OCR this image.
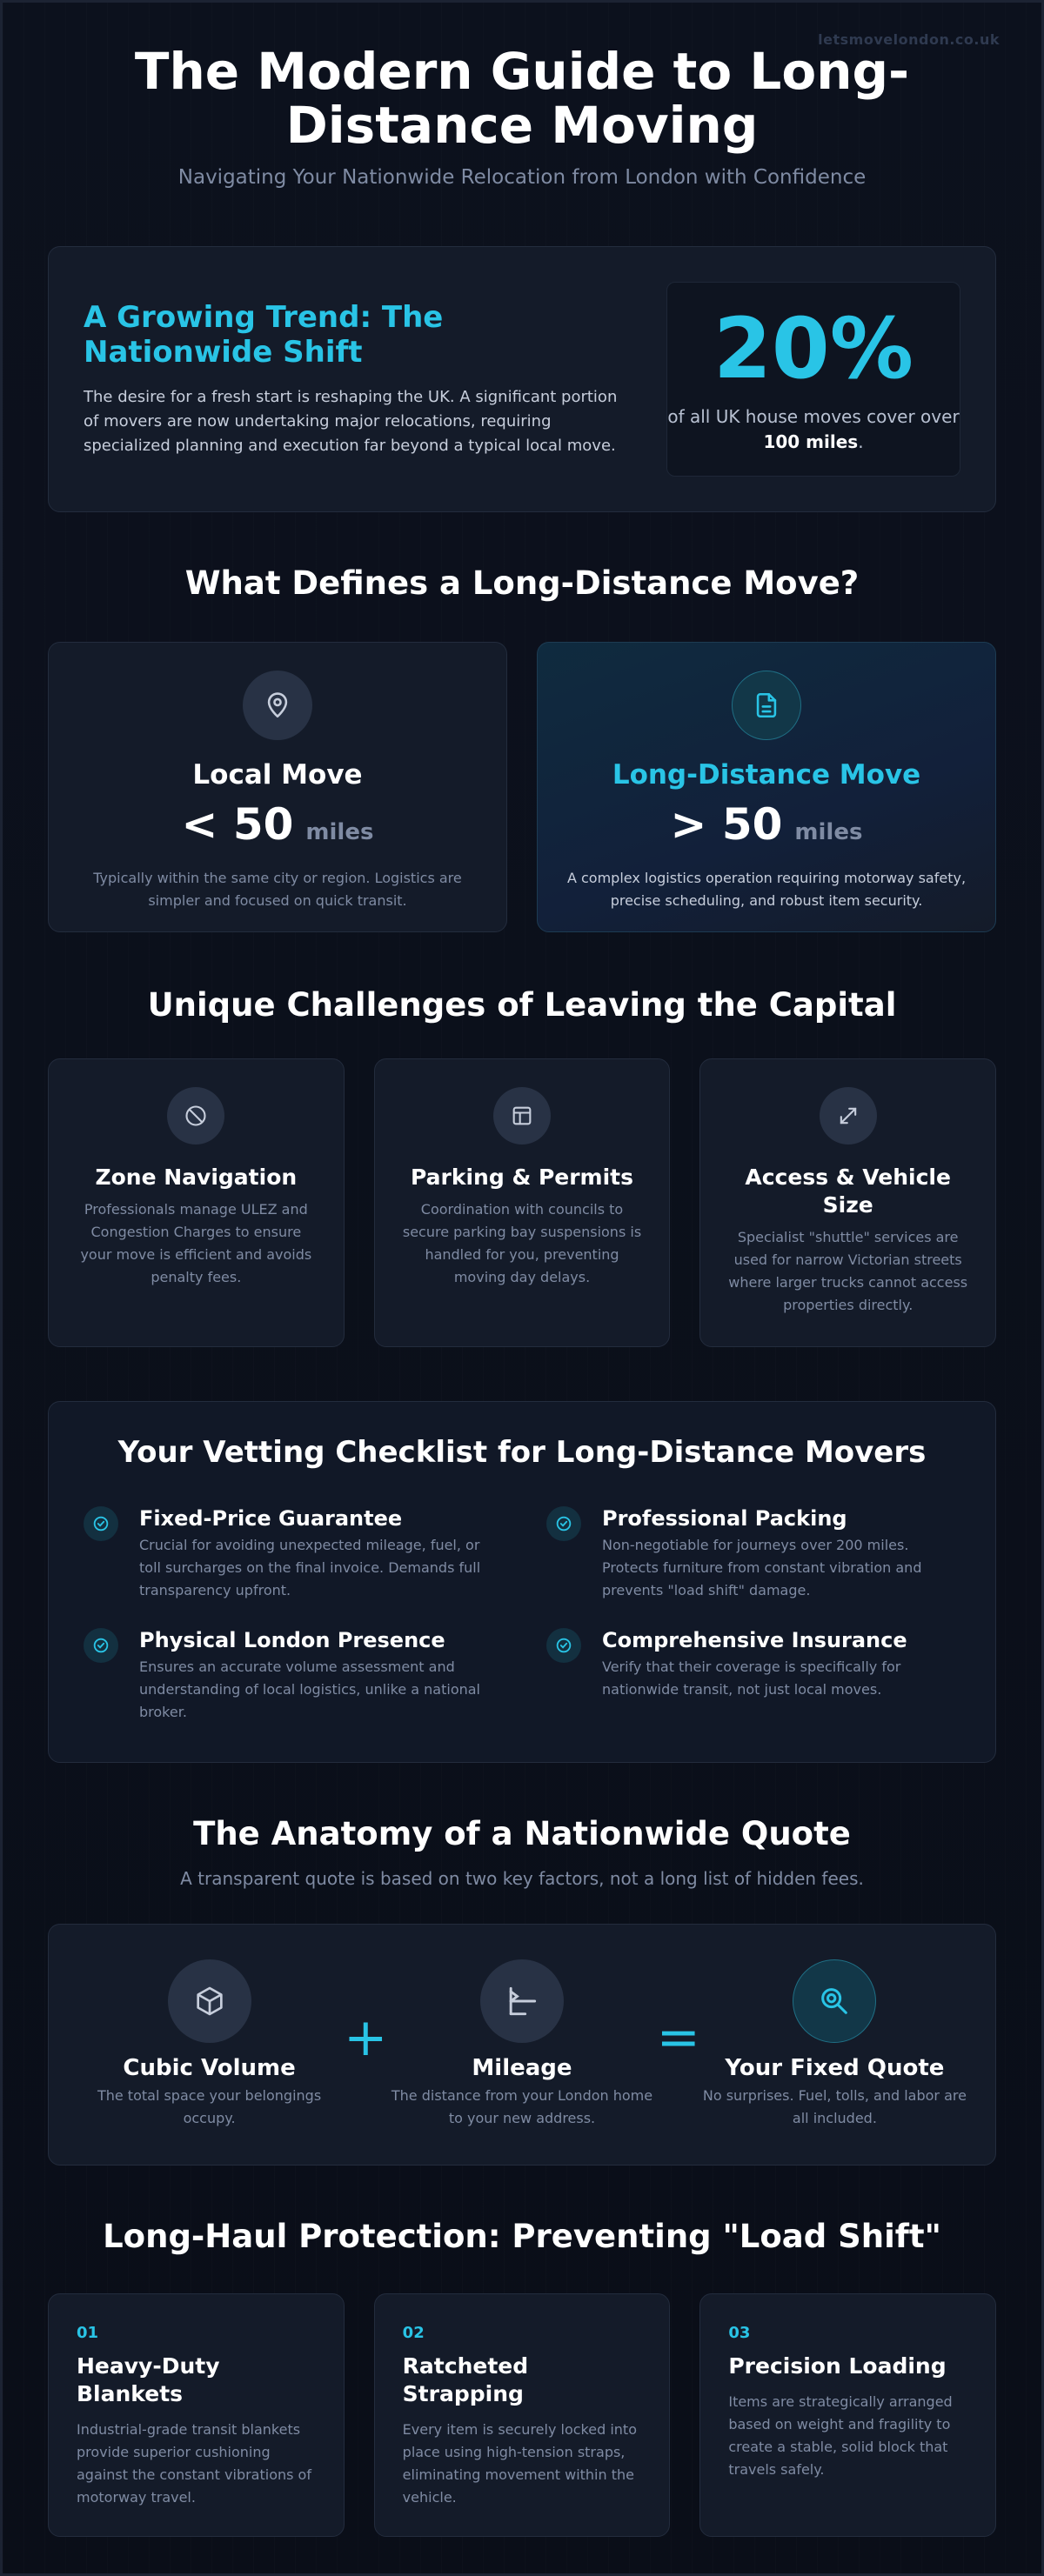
letsmovelondon.co.uk
The Modern Guide to Long-Distance Moving
Navigating Your Nationwide Relocation from London with Confidence
A Growing Trend: The Nationwide Shift

The desire for a fresh start is reshaping the UK. A significant portion of movers are now undertaking major relocations, requiring specialized planning and execution far beyond a typical local move.

20%
of all UK house moves cover over 100 miles.
What Defines a Long-Distance Move?
Local Move
< 50 miles

Typically within the same city or region. Logistics are simpler and focused on quick transit.

Long-Distance Move
> 50 miles

A complex logistics operation requiring motorway safety, precise scheduling, and robust item security.

Unique Challenges of Leaving the Capital
Zone Navigation

Professionals manage ULEZ and Congestion Charges to ensure your move is efficient and avoids penalty fees.

Parking & Permits

Coordination with councils to secure parking bay suspensions is handled for you, preventing moving day delays.

Access & Vehicle Size

Specialist "shuttle" services are used for narrow Victorian streets where larger trucks cannot access properties directly.

Your Vetting Checklist for Long-Distance Movers
Fixed-Price Guarantee

Crucial for avoiding unexpected mileage, fuel, or toll surcharges on the final invoice. Demands full transparency upfront.

Professional Packing

Non-negotiable for journeys over 200 miles. Protects furniture from constant vibration and prevents "load shift" damage.

Physical London Presence

Ensures an accurate volume assessment and understanding of local logistics, unlike a national broker.

Comprehensive Insurance

Verify that their coverage is specifically for nationwide transit, not just local moves.

The Anatomy of a Nationwide Quote

A transparent quote is based on two key factors, not a long list of hidden fees.

Cubic Volume

The total space your belongings occupy.

+	Mileage

The distance from your London home to your new address.

=	Your Fixed Quote

No surprises. Fuel, tolls, and labor are all included.

Long-Haul Protection: Preventing "Load Shift"
01
Heavy-Duty Blankets

Industrial-grade transit blankets provide superior cushioning against the constant vibrations of motorway travel.

02
Ratcheted Strapping

Every item is securely locked into place using high-tension straps, eliminating movement within the vehicle.

03
Precision Loading

Items are strategically arranged based on weight and fragility to create a stable, solid block that travels safely.
